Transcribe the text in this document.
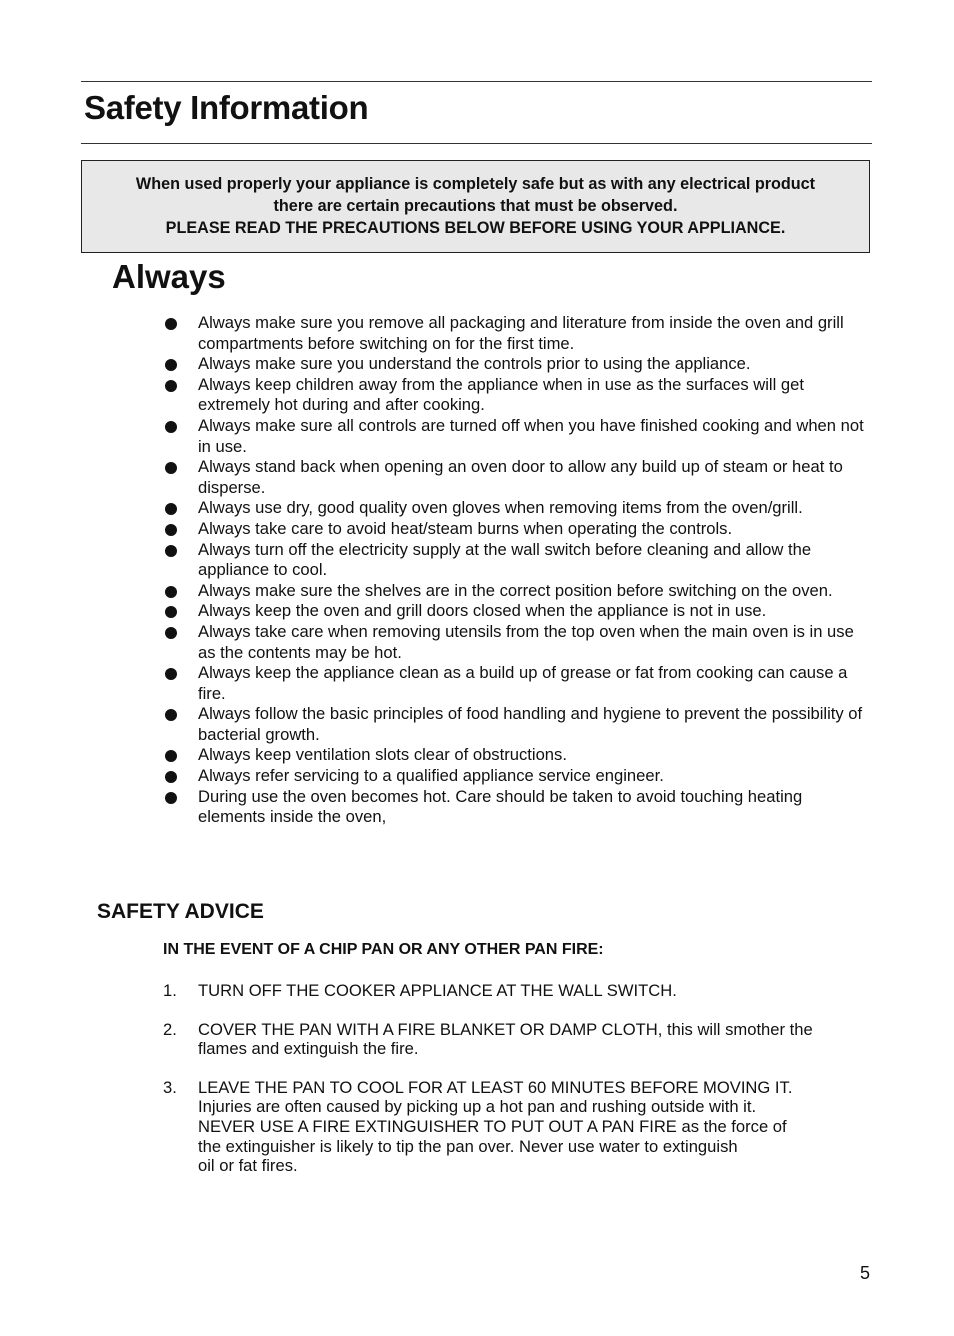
Safety Information
When used properly your appliance is completely safe but as with any electrical product
there are certain precautions that must be observed.
PLEASE READ THE PRECAUTIONS BELOW BEFORE USING YOUR APPLIANCE.
Always
Always make sure you remove all packaging and literature from inside the oven and grill compartments before switching on for the first time.
Always make sure you understand the controls prior to using the appliance.
Always keep children away from the appliance when in use as the surfaces will get extremely hot during and after cooking.
Always make sure all controls are turned off when you have finished cooking and when not in use.
Always stand back when opening an oven door to allow any build up of steam or heat to disperse.
Always use dry, good quality oven gloves when removing items from the oven/grill.
Always take care to avoid heat/steam burns when operating the controls.
Always turn off the electricity supply at the wall switch before cleaning and allow the appliance to cool.
Always make sure the shelves are in the correct position before switching on the oven.
Always keep the oven and grill doors closed when the appliance is not in use.
Always take care when removing utensils from the top oven when the main oven is in use as the contents may be hot.
Always keep the appliance clean as a build up of grease or fat from cooking can cause a fire.
Always follow the basic principles of food handling and hygiene to prevent the possibility of bacterial growth.
Always keep ventilation slots clear of obstructions.
Always refer servicing to a qualified appliance service engineer.
During use the oven becomes hot. Care should be taken to avoid touching heating elements inside the oven,
SAFETY ADVICE

IN THE EVENT OF A CHIP PAN OR ANY OTHER PAN FIRE:

1. TURN OFF THE COOKER APPLIANCE AT THE WALL SWITCH.
2. COVER THE PAN WITH A FIRE BLANKET OR DAMP CLOTH, this will smother the flames and extinguish the fire.
3. LEAVE THE PAN TO COOL FOR AT LEAST 60 MINUTES BEFORE MOVING IT.
Injuries are often caused by picking up a hot pan and rushing outside with it.
NEVER USE A FIRE EXTINGUISHER TO PUT OUT A PAN FIRE as the force of
the extinguisher is likely to tip the pan over. Never use water to extinguish
oil or fat fires.
5
